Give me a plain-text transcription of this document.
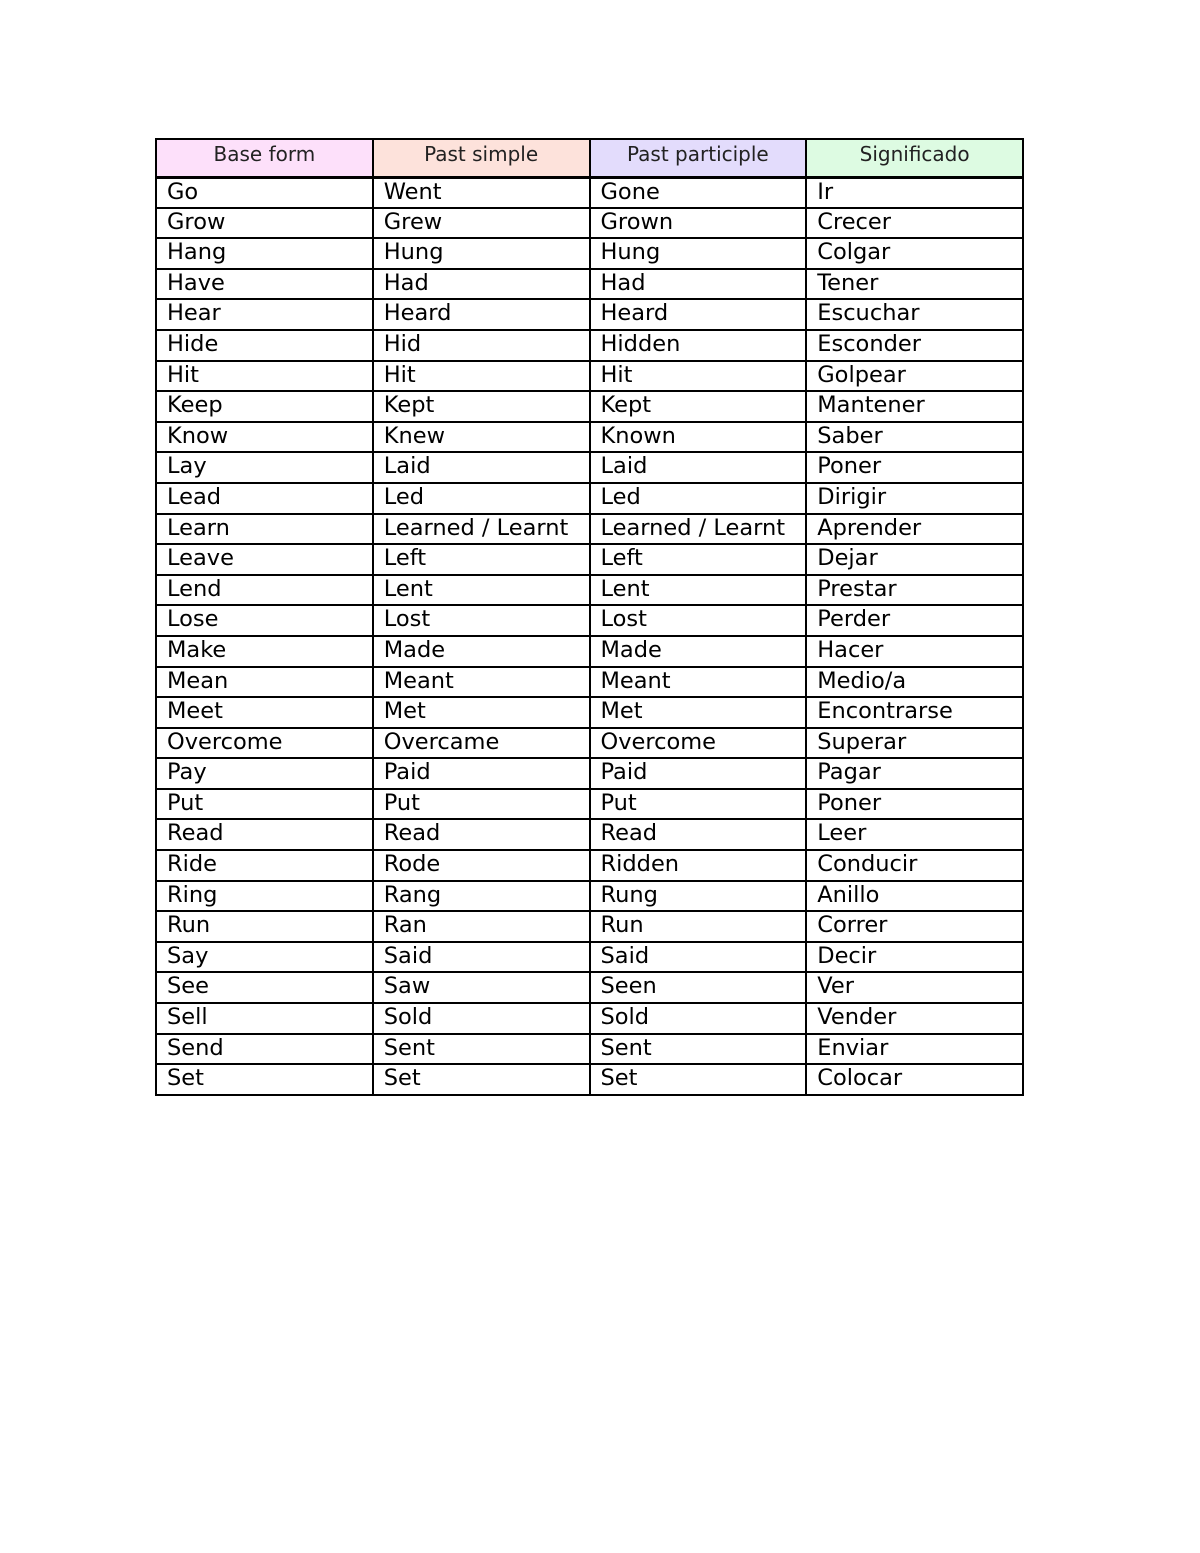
Base form	Past simple	Past participle	Significado
Go	Went	Gone	Ir
Grow	Grew	Grown	Crecer
Hang	Hung	Hung	Colgar
Have	Had	Had	Tener
Hear	Heard	Heard	Escuchar
Hide	Hid	Hidden	Esconder
Hit	Hit	Hit	Golpear
Keep	Kept	Kept	Mantener
Know	Knew	Known	Saber
Lay	Laid	Laid	Poner
Lead	Led	Led	Dirigir
Learn	Learned / Learnt	Learned / Learnt	Aprender
Leave	Left	Left	Dejar
Lend	Lent	Lent	Prestar
Lose	Lost	Lost	Perder
Make	Made	Made	Hacer
Mean	Meant	Meant	Medio/a
Meet	Met	Met	Encontrarse
Overcome	Overcame	Overcome	Superar
Pay	Paid	Paid	Pagar
Put	Put	Put	Poner
Read	Read	Read	Leer
Ride	Rode	Ridden	Conducir
Ring	Rang	Rung	Anillo
Run	Ran	Run	Correr
Say	Said	Said	Decir
See	Saw	Seen	Ver
Sell	Sold	Sold	Vender
Send	Sent	Sent	Enviar
Set	Set	Set	Colocar
